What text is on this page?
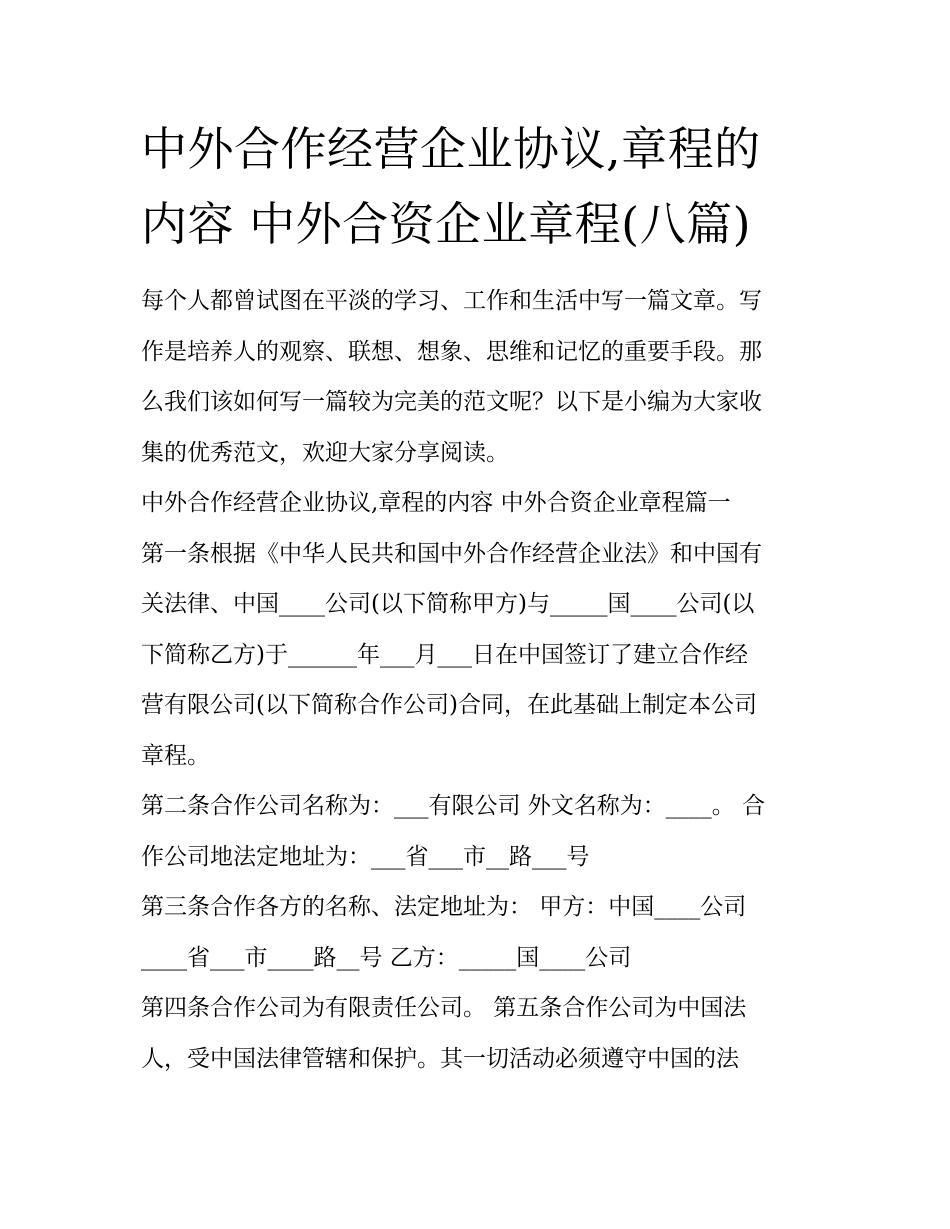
中外合作经营企业协议,章程的
内容 中外合资企业章程(八篇)
每个人都曾试图在平淡的学习、工作和生活中写一篇文章。写
作是培养人的观察、联想、想象、思维和记忆的重要手段。那
么我们该如何写一篇较为完美的范文呢？以下是小编为大家收
集的优秀范文，欢迎大家分享阅读。
中外合作经营企业协议,章程的内容 中外合资企业章程篇一
第一条根据《中华人民共和国中外合作经营企业法》和中国有
关法律、中国____公司(以下简称甲方)与_____国____公司(以
下简称乙方)于______年___月___日在中国签订了建立合作经
营有限公司(以下简称合作公司)合同，在此基础上制定本公司
章程。
第二条合作公司名称为：___有限公司 外文名称为：____。 合
作公司地法定地址为：___省___市__路___号
第三条合作各方的名称、法定地址为： 甲方：中国____公司
____省___市____路__号 乙方：_____国____公司
第四条合作公司为有限责任公司。 第五条合作公司为中国法
人，受中国法律管辖和保护。其一切活动必须遵守中国的法
